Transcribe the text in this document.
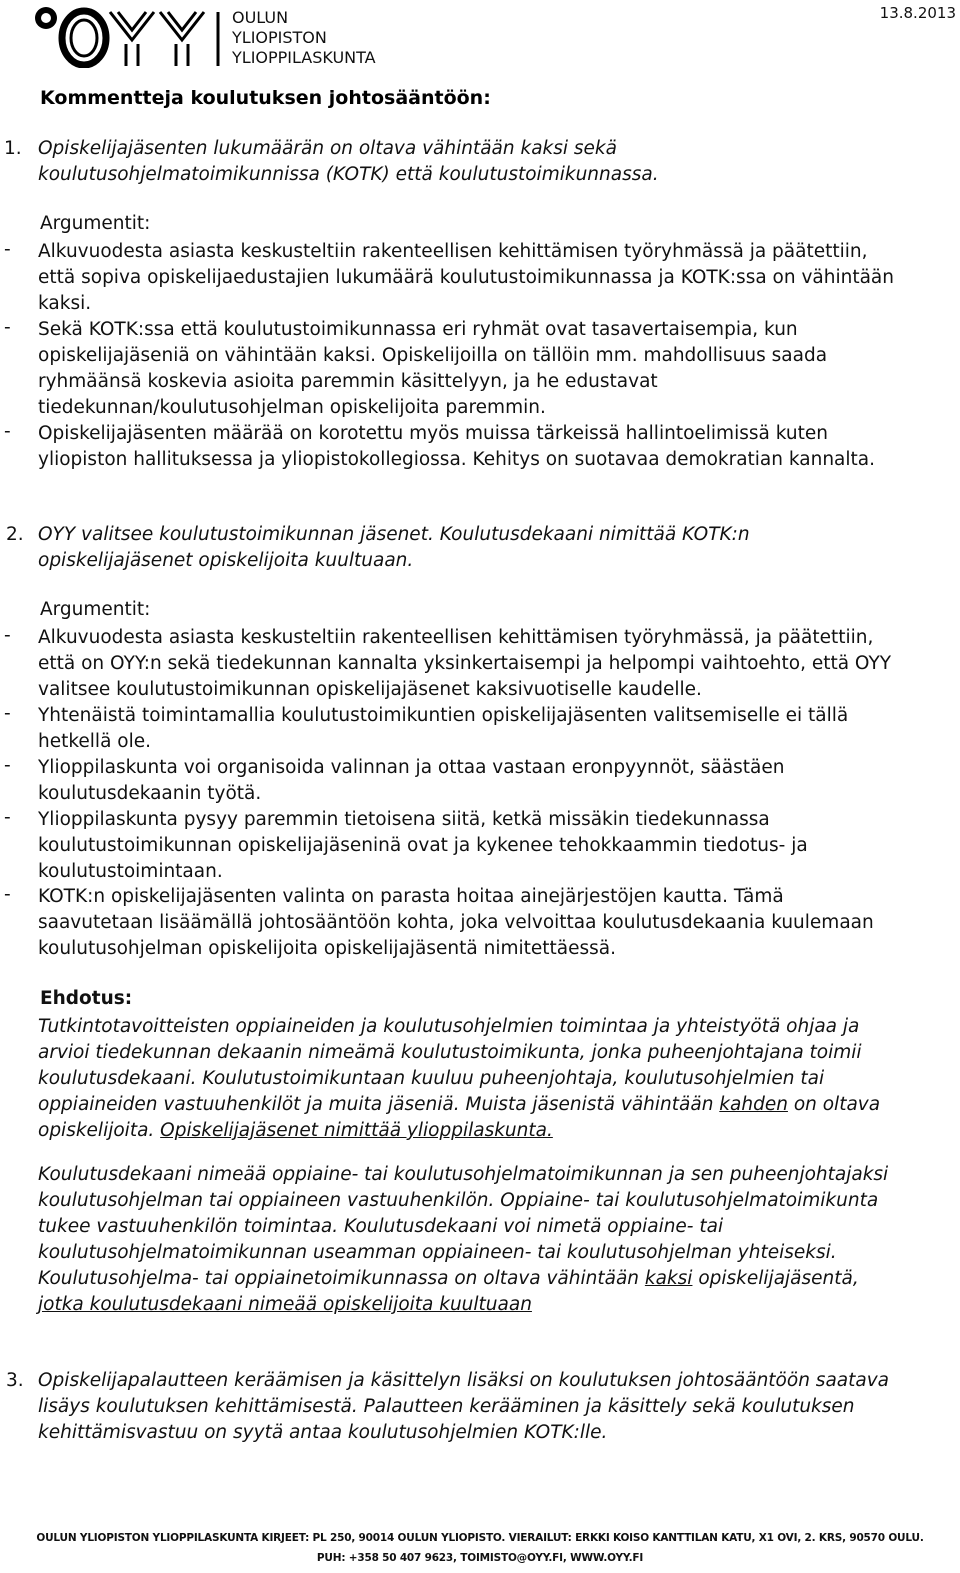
OULUN
YLIOPISTON
YLIOPPILASKUNTA
13.8.2013
Kommentteja koulutuksen johtosääntöön:
1. Opiskelijajäsenten lukumäärän on oltava vähintään kaksi sekä
koulutusohjelmatoimikunnissa (KOTK) että koulutustoimikunnassa.
Argumentit:
- Alkuvuodesta asiasta keskusteltiin rakenteellisen kehittämisen työryhmässä ja päätettiin,
että sopiva opiskelijaedustajien lukumäärä koulutustoimikunnassa ja KOTK:ssa on vähintään
kaksi.
- Sekä KOTK:ssa että koulutustoimikunnassa eri ryhmät ovat tasavertaisempia, kun
opiskelijajäseniä on vähintään kaksi. Opiskelijoilla on tällöin mm. mahdollisuus saada
ryhmäänsä koskevia asioita paremmin käsittelyyn, ja he edustavat
tiedekunnan/koulutusohjelman opiskelijoita paremmin.
- Opiskelijajäsenten määrää on korotettu myös muissa tärkeissä hallintoelimissä kuten
yliopiston hallituksessa ja yliopistokollegiossa. Kehitys on suotavaa demokratian kannalta.
2. OYY valitsee koulutustoimikunnan jäsenet. Koulutusdekaani nimittää KOTK:n
opiskelijajäsenet opiskelijoita kuultuaan.
Argumentit:
- Alkuvuodesta asiasta keskusteltiin rakenteellisen kehittämisen työryhmässä, ja päätettiin,
että on OYY:n sekä tiedekunnan kannalta yksinkertaisempi ja helpompi vaihtoehto, että OYY
valitsee koulutustoimikunnan opiskelijajäsenet kaksivuotiselle kaudelle.
- Yhtenäistä toimintamallia koulutustoimikuntien opiskelijajäsenten valitsemiselle ei tällä
hetkellä ole.
- Ylioppilaskunta voi organisoida valinnan ja ottaa vastaan eronpyynnöt, säästäen
koulutusdekaanin työtä.
- Ylioppilaskunta pysyy paremmin tietoisena siitä, ketkä missäkin tiedekunnassa
koulutustoimikunnan opiskelijajäseninä ovat ja kykenee tehokkaammin tiedotus- ja
koulutustoimintaan.
- KOTK:n opiskelijajäsenten valinta on parasta hoitaa ainejärjestöjen kautta. Tämä
saavutetaan lisäämällä johtosääntöön kohta, joka velvoittaa koulutusdekaania kuulemaan
koulutusohjelman opiskelijoita opiskelijajäsentä nimitettäessä.
Ehdotus:
Tutkintotavoitteisten oppiaineiden ja koulutusohjelmien toimintaa ja yhteistyötä ohjaa ja
arvioi tiedekunnan dekaanin nimeämä koulutustoimikunta, jonka puheenjohtajana toimii
koulutusdekaani. Koulutustoimikuntaan kuuluu puheenjohtaja, koulutusohjelmien tai
oppiaineiden vastuuhenkilöt ja muita jäseniä. Muista jäsenistä vähintään kahden on oltava
opiskelijoita. Opiskelijajäsenet nimittää ylioppilaskunta.
Koulutusdekaani nimeää oppiaine- tai koulutusohjelmatoimikunnan ja sen puheenjohtajaksi
koulutusohjelman tai oppiaineen vastuuhenkilön. Oppiaine- tai koulutusohjelmatoimikunta
tukee vastuuhenkilön toimintaa. Koulutusdekaani voi nimetä oppiaine- tai
koulutusohjelmatoimikunnan useamman oppiaineen- tai koulutusohjelman yhteiseksi.
Koulutusohjelma- tai oppiainetoimikunnassa on oltava vähintään kaksi opiskelijajäsentä,
jotka koulutusdekaani nimeää opiskelijoita kuultuaan
3. Opiskelijapalautteen keräämisen ja käsittelyn lisäksi on koulutuksen johtosääntöön saatava
lisäys koulutuksen kehittämisestä. Palautteen kerääminen ja käsittely sekä koulutuksen
kehittämisvastuu on syytä antaa koulutusohjelmien KOTK:lle.
OULUN YLIOPISTON YLIOPPILASKUNTA KIRJEET: PL 250, 90014 OULUN YLIOPISTO. VIERAILUT: ERKKI KOISO KANTTILAN KATU, X1 OVI, 2. KRS, 90570 OULU.
PUH: +358 50 407 9623, TOIMISTO@OYY.FI, WWW.OYY.FI
